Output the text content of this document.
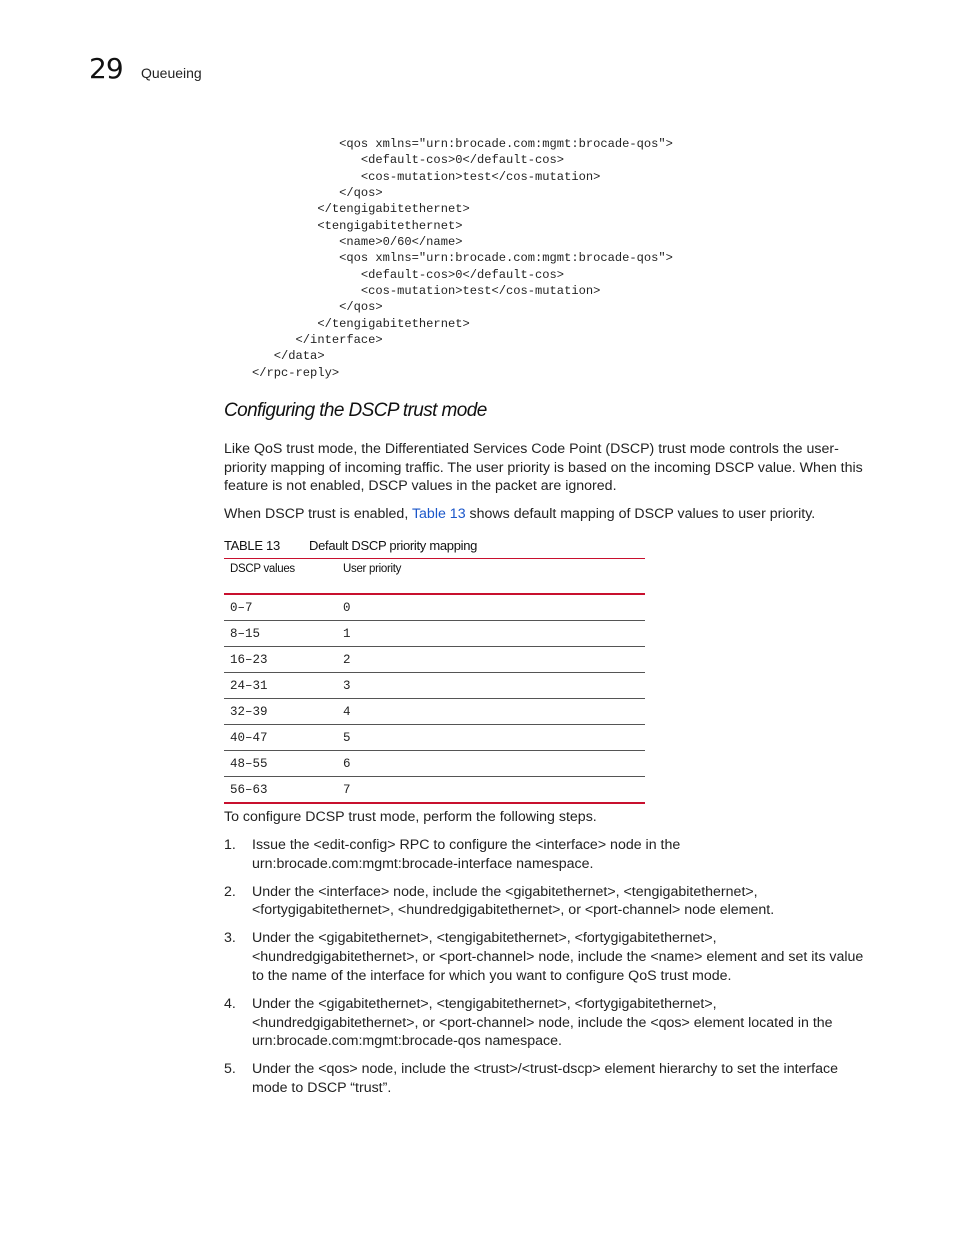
29 Queueing
<qos xmlns="urn:brocade.com:mgmt:brocade-qos">
<default-cos>0</default-cos>
<cos-mutation>test</cos-mutation>
</qos>
</tengigabitethernet>
<tengigabitethernet>
<name>0/60</name>
<qos xmlns="urn:brocade.com:mgmt:brocade-qos">
<default-cos>0</default-cos>
<cos-mutation>test</cos-mutation>
</qos>
</tengigabitethernet>
</interface>
</data>
</rpc-reply>
Configuring the DSCP trust mode

Like QoS trust mode, the Differentiated Services Code Point (DSCP) trust mode controls the user-priority mapping of incoming traffic. The user priority is based on the incoming DSCP value. When this feature is not enabled, DSCP values in the packet are ignored.

When DSCP trust is enabled, Table 13 shows default mapping of DSCP values to user priority.

TABLE 13 Default DSCP priority mapping
DSCP values	User priority
0–7	0
8–15	1
16–23	2
24–31	3
32–39	4
40–47	5
48–55	6
56–63	7

To configure DCSP trust mode, perform the following steps.

1. Issue the <edit-config> RPC to configure the <interface> node in the urn:brocade.com:mgmt:brocade-interface namespace.
2. Under the <interface> node, include the <gigabitethernet>, <tengigabitethernet>, <fortygigabitethernet>, <hundredgigabitethernet>, or <port-channel> node element.
3. Under the <gigabitethernet>, <tengigabitethernet>, <fortygigabitethernet>, <hundredgigabitethernet>, or <port-channel> node, include the <name> element and set its value to the name of the interface for which you want to configure QoS trust mode.
4. Under the <gigabitethernet>, <tengigabitethernet>, <fortygigabitethernet>, <hundredgigabitethernet>, or <port-channel> node, include the <qos> element located in the urn:brocade.com:mgmt:brocade-qos namespace.
5. Under the <qos> node, include the <trust>/<trust-dscp> element hierarchy to set the interface mode to DSCP “trust”.
